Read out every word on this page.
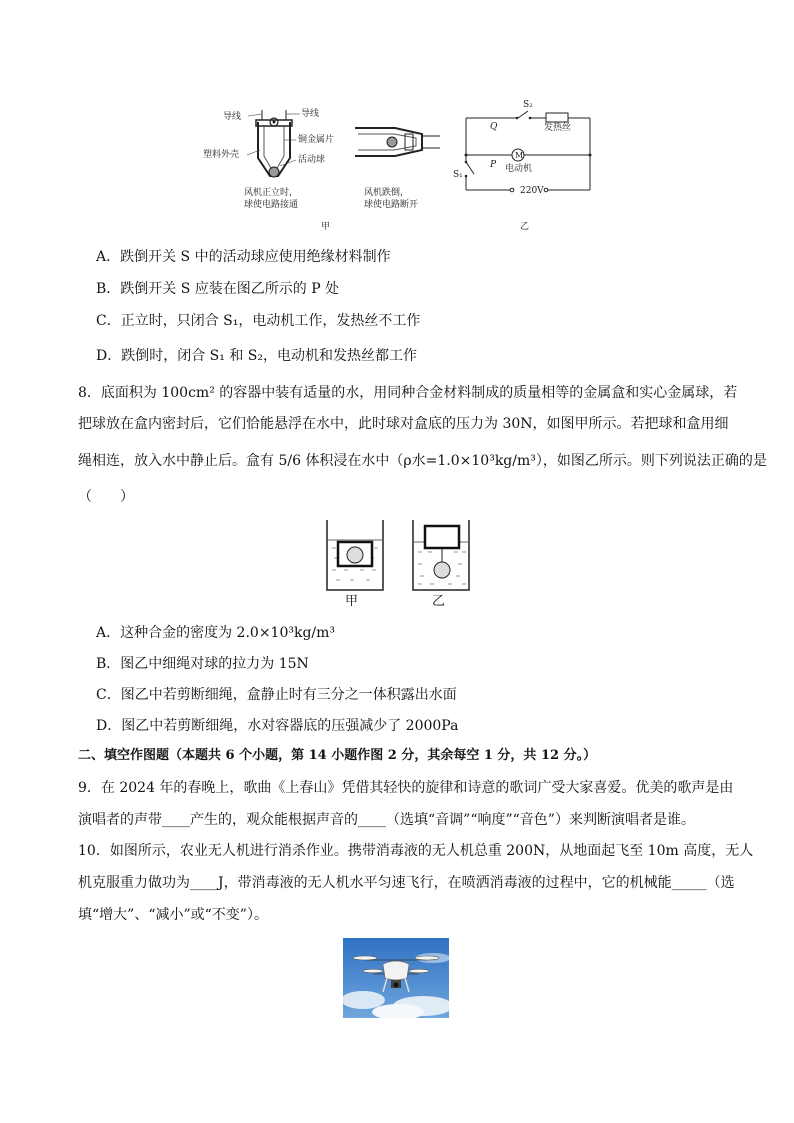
导线	导线
铜金属片
塑料外壳	活动球
风机正立时，
球使电路接通
风机跌倒，
球使电路断开
甲
S₂
Q	发热丝
P
M
电动机
S₁
220V
乙
A．跌倒开关 S 中的活动球应使用绝缘材料制作
B．跌倒开关 S 应装在图乙所示的 P 处
C．正立时，只闭合 S₁，电动机工作，发热丝不工作
D．跌倒时，闭合 S₁ 和 S₂，电动机和发热丝都工作
8．底面积为 100cm² 的容器中装有适量的水，用同种合金材料制成的质量相等的金属盒和实心金属球，若
把球放在盒内密封后，它们恰能悬浮在水中，此时球对盒底的压力为 30N，如图甲所示。若把球和盒用细
绳相连，放入水中静止后。盒有 5/6 体积浸在水中（ρ水=1.0×10³kg/m³），如图乙所示。则下列说法正确的是
（　　）
甲	乙
A．这种合金的密度为 2.0×10³kg/m³
B．图乙中细绳对球的拉力为 15N
C．图乙中若剪断细绳，盒静止时有三分之一体积露出水面
D．图乙中若剪断细绳，水对容器底的压强减少了 2000Pa
二、填空作图题（本题共 6 个小题，第 14 小题作图 2 分，其余每空 1 分，共 12 分。）
9．在 2024 年的春晚上，歌曲《上春山》凭借其轻快的旋律和诗意的歌词广受大家喜爱。优美的歌声是由
演唱者的声带____产生的，观众能根据声音的____（选填“音调”“响度”“音色”）来判断演唱者是谁。
10．如图所示，农业无人机进行消杀作业。携带消毒液的无人机总重 200N，从地面起飞至 10m 高度，无人
机克服重力做功为____J，带消毒液的无人机水平匀速飞行，在喷洒消毒液的过程中，它的机械能_____（选
填“增大”、“减小”或“不变”）。
